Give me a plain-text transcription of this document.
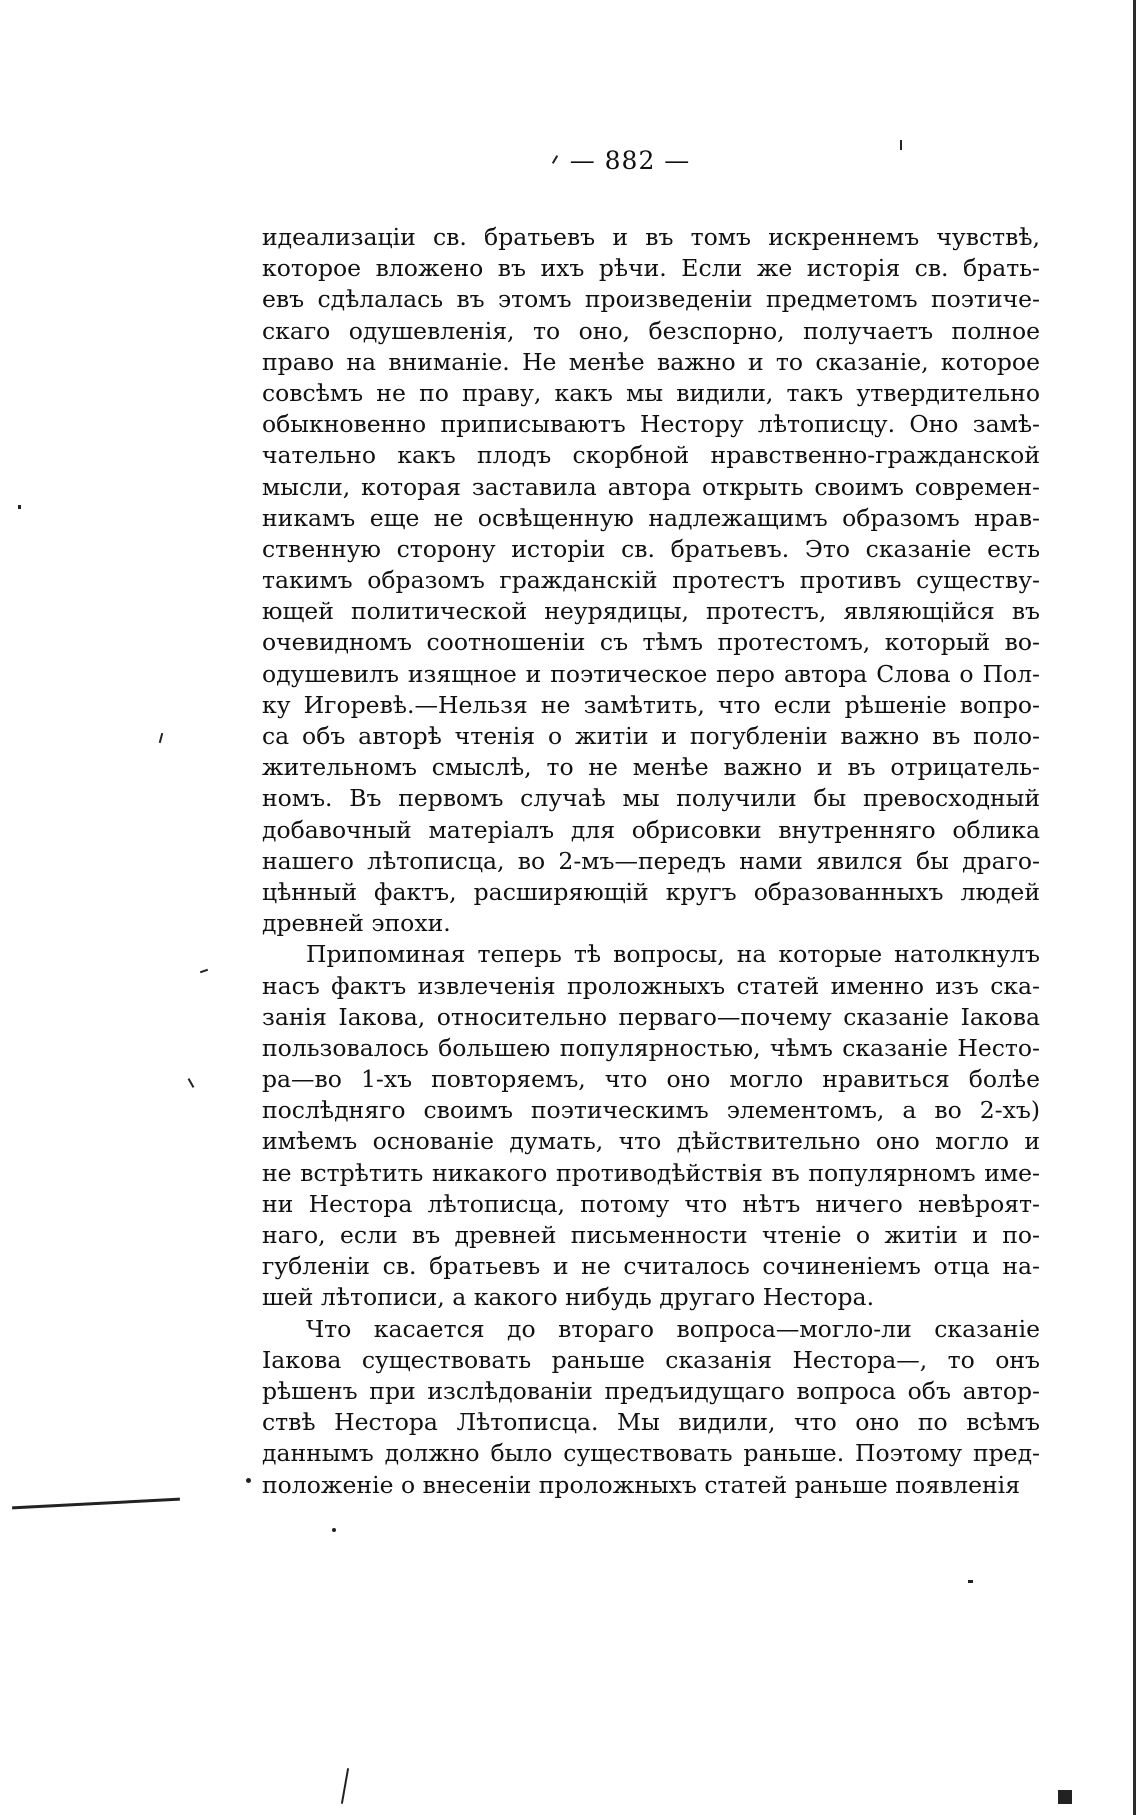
— 882 —
идеализаціи св. братьевъ и въ томъ искреннемъ чувствѣ,
которое вложено въ ихъ рѣчи. Если же исторія св. брать-
евъ сдѣлалась въ этомъ произведеніи предметомъ поэтиче-
скаго одушевленія, то оно, безспорно, получаетъ полное
право на вниманіе. Не менѣе важно и то сказаніе, которое
совсѣмъ не по праву, какъ мы видили, такъ утвердительно
обыкновенно приписываютъ Нестору лѣтописцу. Оно замѣ-
чательно какъ плодъ скорбной нравственно-гражданской
мысли, которая заставила автора открыть своимъ современ-
никамъ еще не освѣщенную надлежащимъ образомъ нрав-
ственную сторону исторіи св. братьевъ. Это сказаніе есть
такимъ образомъ гражданскій протестъ противъ существу-
ющей политической неурядицы, протестъ, являющійся въ
очевидномъ соотношеніи съ тѣмъ протестомъ, который во-
одушевилъ изящное и поэтическое перо автора Слова о Пол-
ку Игоревѣ.—Нельзя не замѣтить, что если рѣшеніе вопро-
са объ авторѣ чтенія о житіи и погубленіи важно въ поло-
жительномъ смыслѣ, то не менѣе важно и въ отрицатель-
номъ. Въ первомъ случаѣ мы получили бы превосходный
добавочный матеріалъ для обрисовки внутренняго облика
нашего лѣтописца, во 2-мъ—передъ нами явился бы драго-
цѣнный фактъ, расширяющій кругъ образованныхъ людей
древней эпохи.
Припоминая теперь тѣ вопросы, на которые натолкнулъ
насъ фактъ извлеченія проложныхъ статей именно изъ ска-
занія Іакова, относительно перваго—почему сказаніе Іакова
пользовалось большею популярностью, чѣмъ сказаніе Несто-
ра—во 1-хъ повторяемъ, что оно могло нравиться болѣе
послѣдняго своимъ поэтическимъ элементомъ, а во 2-хъ)
имѣемъ основаніе думать, что дѣйствительно оно могло и
не встрѣтить никакого противодѣйствія въ популярномъ име-
ни Нестора лѣтописца, потому что нѣтъ ничего невѣроят-
наго, если въ древней письменности чтеніе о житіи и по-
губленіи св. братьевъ и не считалось сочиненіемъ отца на-
шей лѣтописи, а какого нибудь другаго Нестора.
Что касается до втораго вопроса—могло-ли сказаніе
Іакова существовать раньше сказанія Нестора—, то онъ
рѣшенъ при изслѣдованіи предъидущаго вопроса объ автор-
ствѣ Нестора Лѣтописца. Мы видили, что оно по всѣмъ
даннымъ должно было существовать раньше. Поэтому пред-
положеніе о внесеніи проложныхъ статей раньше появленія
